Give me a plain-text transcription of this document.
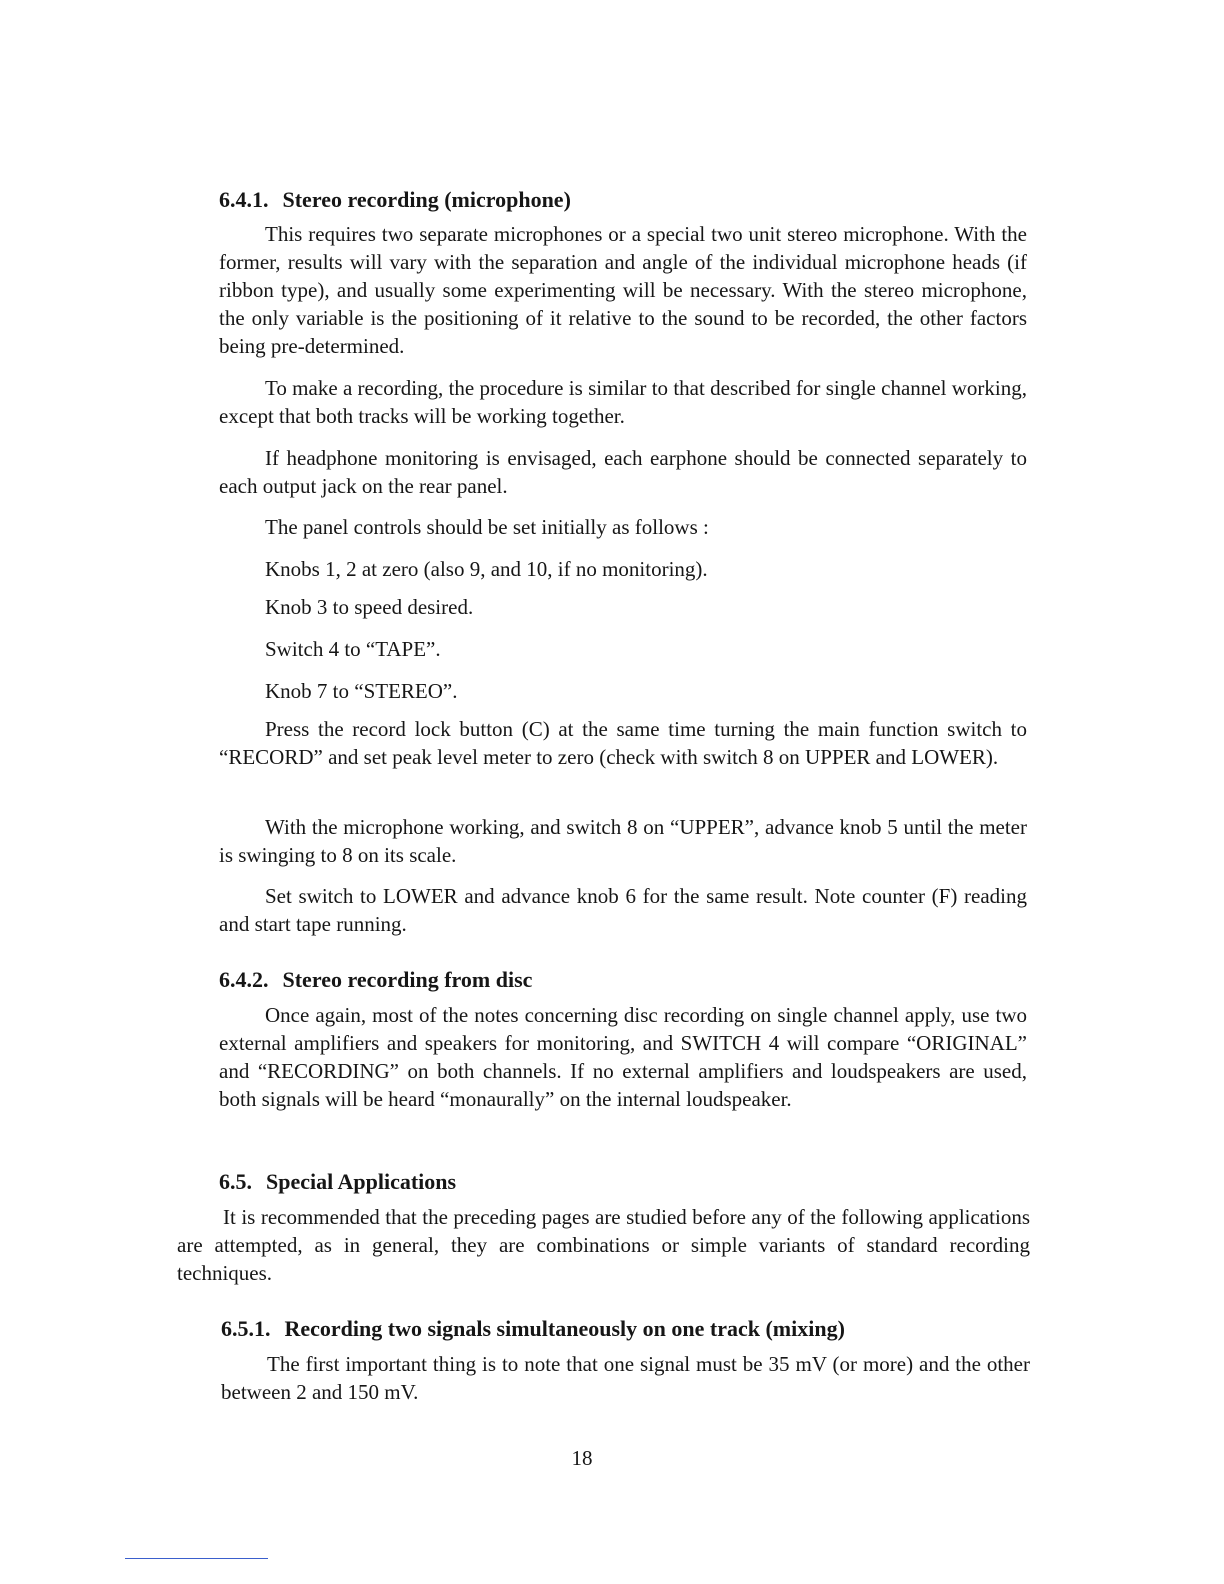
6.4.1. Stereo recording (microphone)

This requires two separate microphones or a special two unit stereo microphone. With the former, results will vary with the separation and angle of the individual microphone heads (if ribbon type), and usually some experimenting will be necessary. With the stereo microphone, the only variable is the positioning of it relative to the sound to be recorded, the other factors being pre-determined.

To make a recording, the procedure is similar to that described for single channel working, except that both tracks will be working together.

If headphone monitoring is envisaged, each earphone should be connected separately to each output jack on the rear panel.

The panel controls should be set initially as follows :

Knobs 1, 2 at zero (also 9, and 10, if no monitoring).

Knob 3 to speed desired.

Switch 4 to “TAPE”.

Knob 7 to “STEREO”.

Press the record lock button (C) at the same time turning the main function switch to “RECORD” and set peak level meter to zero (check with switch 8 on UPPER and LOWER).

With the microphone working, and switch 8 on “UPPER”, advance knob 5 until the meter is swinging to 8 on its scale.

Set switch to LOWER and advance knob 6 for the same result. Note counter (F) reading and start tape running.

6.4.2. Stereo recording from disc

Once again, most of the notes concerning disc recording on single channel apply, use two external amplifiers and speakers for monitoring, and SWITCH 4 will compare “ORIGINAL” and “RECORDING” on both channels. If no external amplifiers and loudspeakers are used, both signals will be heard “monaurally” on the internal loudspeaker.

6.5. Special Applications

It is recommended that the preceding pages are studied before any of the following applications are attempted, as in general, they are combinations or simple variants of standard recording techniques.

6.5.1. Recording two signals simultaneously on one track (mixing)

The first important thing is to note that one signal must be 35 mV (or more) and the other between 2 and 150 mV.

18
